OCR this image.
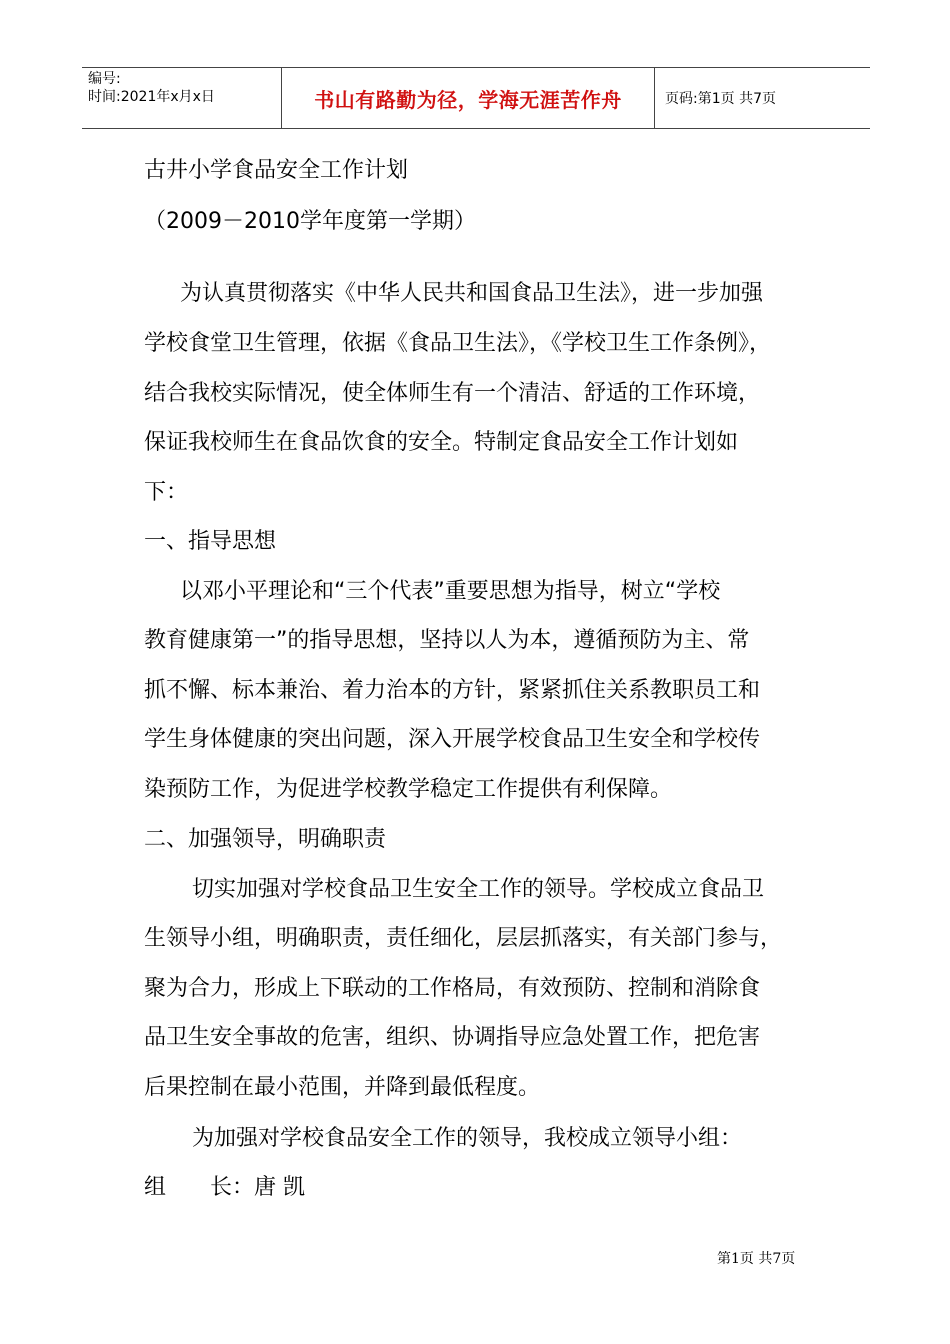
编号:
时间:2021年x月x日	书山有路勤为径，学海无涯苦作舟	页码:第1页 共7页
古井小学食品安全工作计划
（2009－2010学年度第一学期）
为认真贯彻落实《中华人民共和国食品卫生法》，进一步加强
学校食堂卫生管理，依据《食品卫生法》，《学校卫生工作条例》，
结合我校实际情况，使全体师生有一个清洁、舒适的工作环境，
保证我校师生在食品饮食的安全。特制定食品安全工作计划如
下：
一、指导思想
以邓小平理论和“三个代表”重要思想为指导，树立“学校
教育健康第一”的指导思想，坚持以人为本，遵循预防为主、常
抓不懈、标本兼治、着力治本的方针，紧紧抓住关系教职员工和
学生身体健康的突出问题，深入开展学校食品卫生安全和学校传
染预防工作，为促进学校教学稳定工作提供有利保障。
二、加强领导，明确职责
切实加强对学校食品卫生安全工作的领导。学校成立食品卫
生领导小组，明确职责，责任细化，层层抓落实，有关部门参与，
聚为合力，形成上下联动的工作格局，有效预防、控制和消除食
品卫生安全事故的危害，组织、协调指导应急处置工作，把危害
后果控制在最小范围，并降到最低程度。
为加强对学校食品安全工作的领导，我校成立领导小组：
组　　长：唐 凯
第1页 共7页
